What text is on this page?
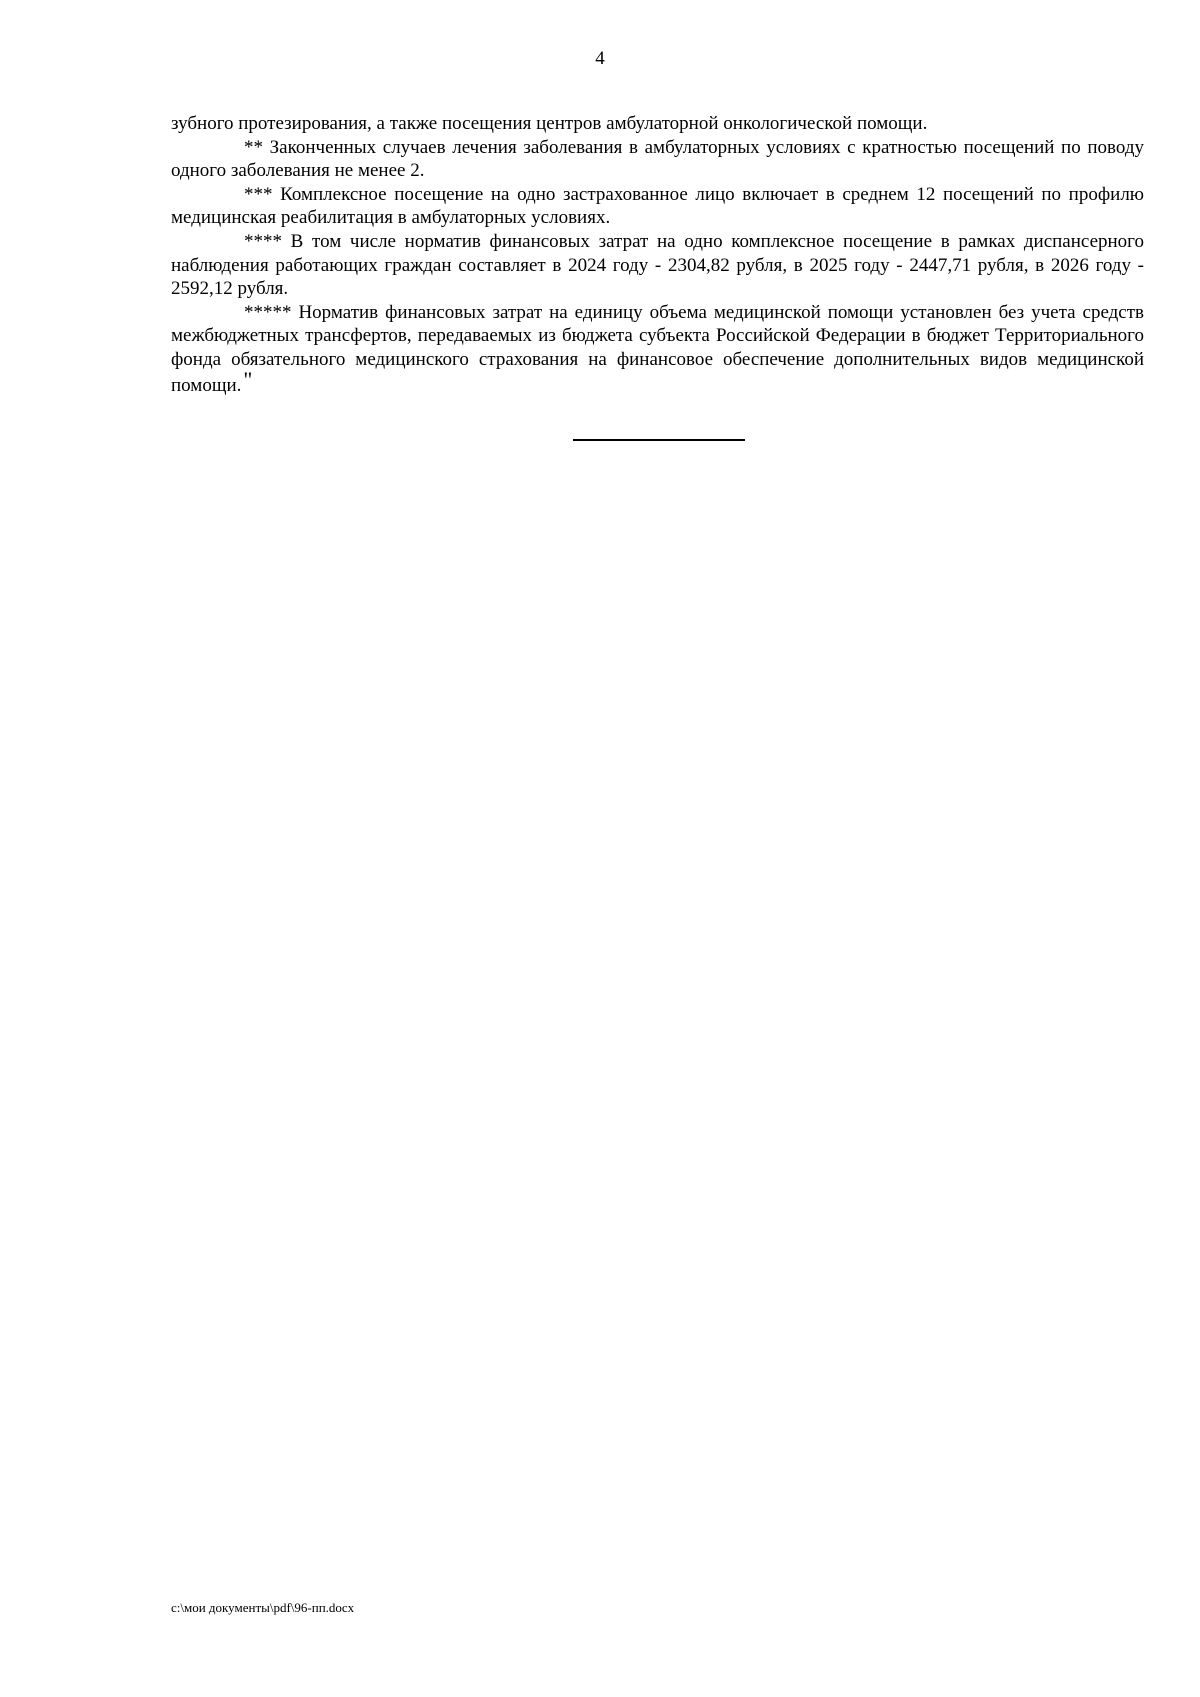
4

зубного протезирования, а также посещения центров амбулаторной онкологической помощи.

** Законченных случаев лечения заболевания в амбулаторных условиях с кратностью посещений по поводу одного заболевания не менее 2.

*** Комплексное посещение на одно застрахованное лицо включает в среднем 12 посещений по профилю медицинская реабилитация в амбулаторных условиях.

**** В том числе норматив финансовых затрат на одно комплексное посещение в рамках диспансерного наблюдения работающих граждан составляет в 2024 году - 2304,82 рубля, в 2025 году - 2447,71 рубля, в 2026 году - 2592,12 рубля.

***** Норматив финансовых затрат на единицу объема медицинской помощи установлен без учета средств межбюджетных трансфертов, передаваемых из бюджета субъекта Российской Федерации в бюджет Территориального фонда обязательного медицинского страхования на финансовое обеспечение дополнительных видов медицинской помощи."

c:\мои документы\pdf\96-пп.docx
